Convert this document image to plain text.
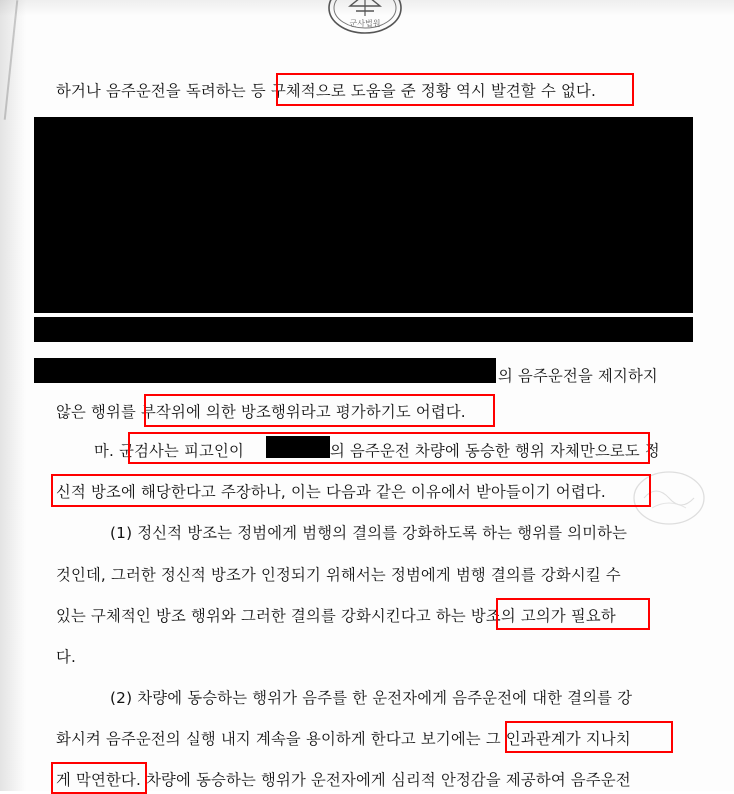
군사법원
하거나 음주운전을 독려하는 등 구체적으로 도움을 준 정황 역시 발견할 수 없다.
의 음주운전을 제지하지
않은 행위를 부작위에 의한 방조행위라고 평가하기도 어렵다.
마. 군검사는 피고인이	의 음주운전 차량에 동승한 행위 자체만으로도 정
신적 방조에 해당한다고 주장하나, 이는 다음과 같은 이유에서 받아들이기 어렵다.
(1) 정신적 방조는 정범에게 범행의 결의를 강화하도록 하는 행위를 의미하는
것인데, 그러한 정신적 방조가 인정되기 위해서는 정범에게 범행 결의를 강화시킬 수
있는 구체적인 방조 행위와 그러한 결의를 강화시킨다고 하는 방조의 고의가 필요하
다.
(2) 차량에 동승하는 행위가 음주를 한 운전자에게 음주운전에 대한 결의를 강
화시켜 음주운전의 실행 내지 계속을 용이하게 한다고 보기에는 그 인과관계가 지나치
게 막연한다. 차량에 동승하는 행위가 운전자에게 심리적 안정감을 제공하여 음주운전
